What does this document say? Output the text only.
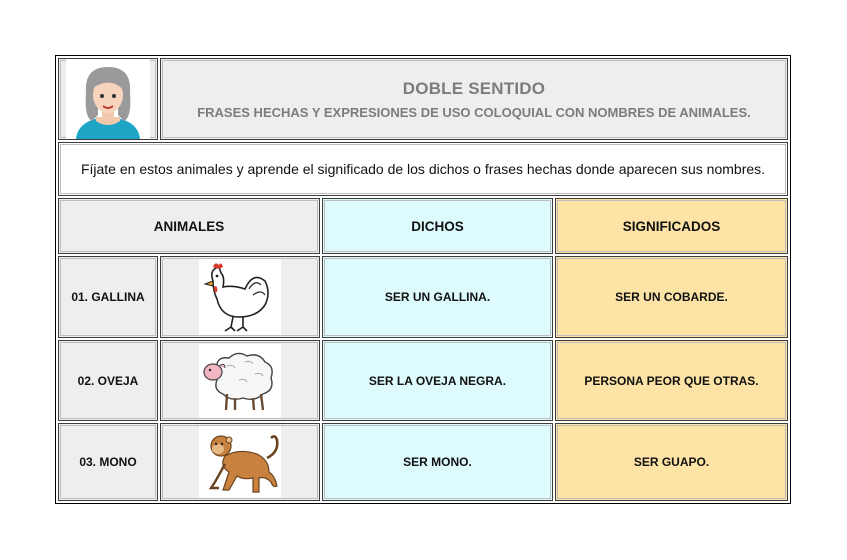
DOBLE SENTIDO
FRASES HECHAS Y EXPRESIONES DE USO COLOQUIAL CON NOMBRES DE ANIMALES.
Fíjate en estos animales y aprende el significado de los dichos o frases hechas donde aparecen sus nombres.
ANIMALES	DICHOS	SIGNIFICADOS
01. GALLINA	SER UN GALLINA.	SER UN COBARDE.
02. OVEJA	SER LA OVEJA NEGRA.	PERSONA PEOR QUE OTRAS.
03. MONO	SER MONO.	SER GUAPO.
